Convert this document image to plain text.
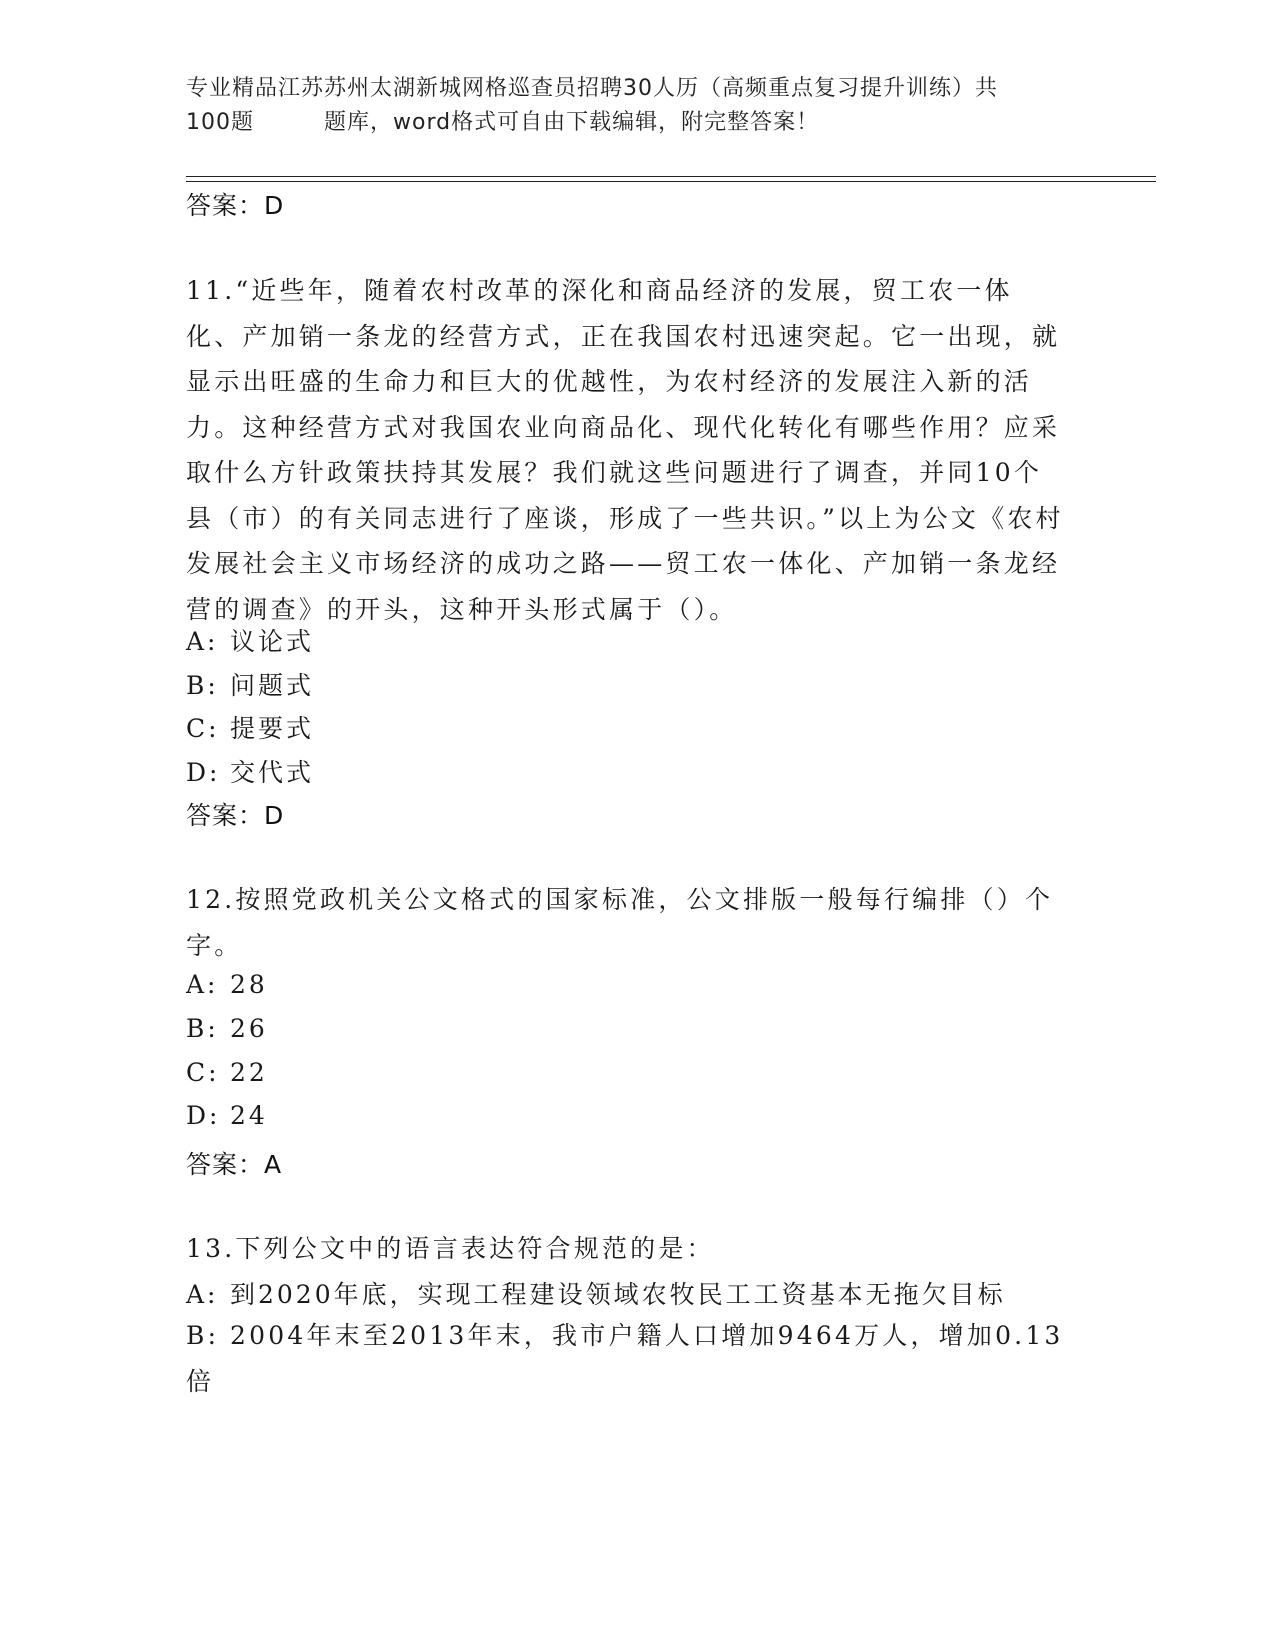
专业精品江苏苏州太湖新城网格巡查员招聘30人历（高频重点复习提升训练）共
100题	题库，word格式可自由下载编辑，附完整答案！
答案：D
11.“近些年，随着农村改革的深化和商品经济的发展，贸工农一体化、产加销一条龙的经营方式，正在我国农村迅速突起。它一出现，就显示出旺盛的生命力和巨大的优越性，为农村经济的发展注入新的活力。这种经营方式对我国农业向商品化、现代化转化有哪些作用？应采取什么方针政策扶持其发展？我们就这些问题进行了调查，并同10个县（市）的有关同志进行了座谈，形成了一些共识。”以上为公文《农村发展社会主义市场经济的成功之路——贸工农一体化、产加销一条龙经营的调查》的开头，这种开头形式属于（）。
A: 议论式
B: 问题式
C: 提要式
D: 交代式
答案：D
12.按照党政机关公文格式的国家标准，公文排版一般每行编排（）个字。
A: 28
B: 26
C: 22
D: 24
答案：A
13.下列公文中的语言表达符合规范的是：
A: 到2020年底，实现工程建设领域农牧民工工资基本无拖欠目标
B: 2004年末至2013年末，我市户籍人口增加9464万人，增加0.13倍
